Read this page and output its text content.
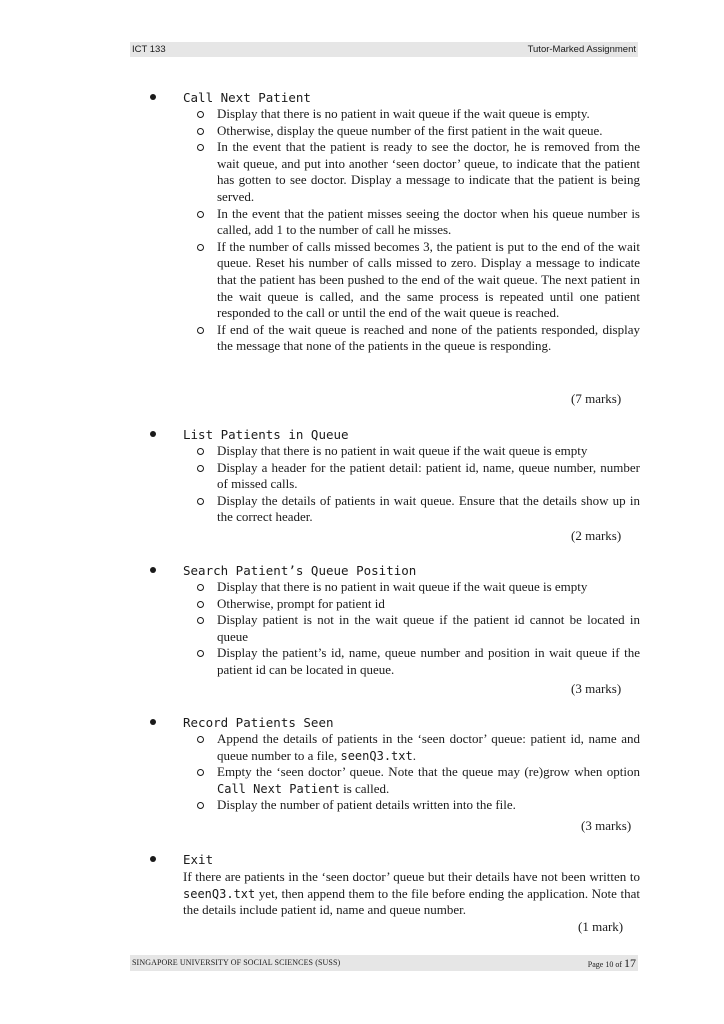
ICT 133	Tutor-Marked Assignment
Call Next Patient
Display that there is no patient in wait queue if the wait queue is empty.
Otherwise, display the queue number of the first patient in the wait queue.
In the event that the patient is ready to see the doctor, he is removed from the wait queue, and put into another ‘seen doctor’ queue, to indicate that the patient has gotten to see doctor. Display a message to indicate that the patient is being served.
In the event that the patient misses seeing the doctor when his queue number is called, add 1 to the number of call he misses.
If the number of calls missed becomes 3, the patient is put to the end of the wait queue. Reset his number of calls missed to zero. Display a message to indicate that the patient has been pushed to the end of the wait queue. The next patient in the wait queue is called, and the same process is repeated until one patient responded to the call or until the end of the wait queue is reached.
If end of the wait queue is reached and none of the patients responded, display the message that none of the patients in the queue is responding.
(7 marks)
List Patients in Queue
Display that there is no patient in wait queue if the wait queue is empty
Display a header for the patient detail: patient id, name, queue number, number of missed calls.
Display the details of patients in wait queue. Ensure that the details show up in the correct header.
(2 marks)
Search Patient’s Queue Position
Display that there is no patient in wait queue if the wait queue is empty
Otherwise, prompt for patient id
Display patient is not in the wait queue if the patient id cannot be located in queue
Display the patient’s id, name, queue number and position in wait queue if the patient id can be located in queue.
(3 marks)
Record Patients Seen
Append the details of patients in the ‘seen doctor’ queue: patient id, name and queue number to a file, seenQ3.txt.
Empty the ‘seen doctor’ queue. Note that the queue may (re)grow when option Call Next Patient is called.
Display the number of patient details written into the file.
(3 marks)
Exit
If there are patients in the ‘seen doctor’ queue but their details have not been written to seenQ3.txt yet, then append them to the file before ending the application. Note that the details include patient id, name and queue number.
(1 mark)
SINGAPORE UNIVERSITY OF SOCIAL SCIENCES (SUSS)	Page 10 of 17
